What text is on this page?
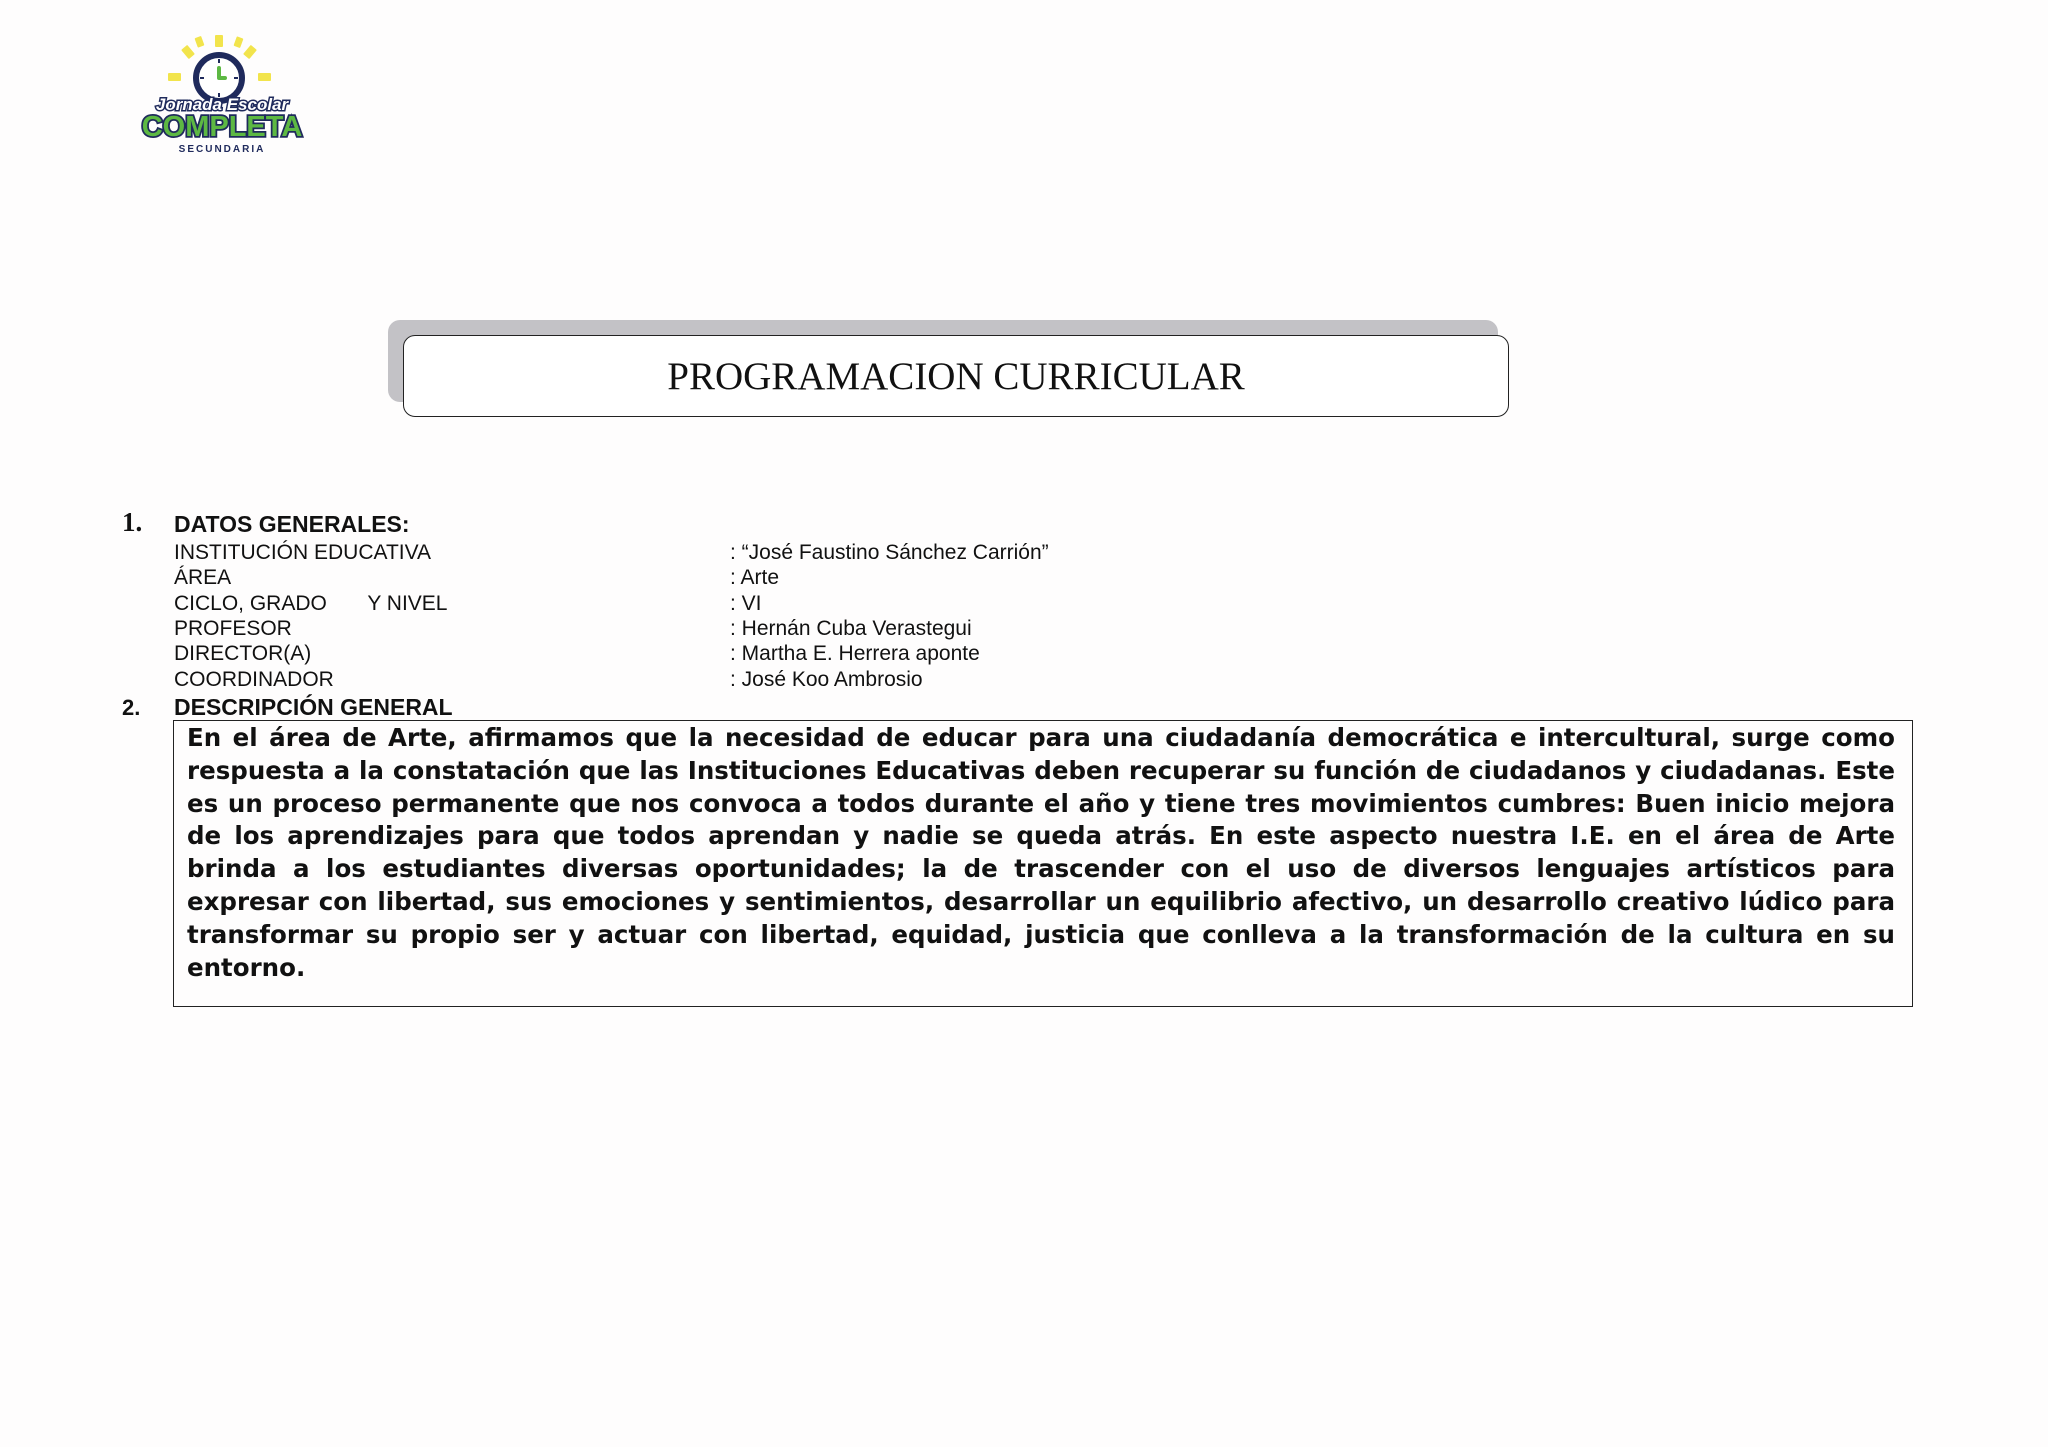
Jornada Escolar
COMPLETA
SECUNDARIA
PROGRAMACION CURRICULAR
1. DATOS GENERALES:
INSTITUCIÓN EDUCATIVA	: “José Faustino Sánchez Carrión”
ÁREA	: Arte
CICLO, GRADO       Y NIVEL	: VI
PROFESOR	: Hernán Cuba Verastegui
DIRECTOR(A)	: Martha E. Herrera aponte
COORDINADOR	: José Koo Ambrosio
2. DESCRIPCIÓN GENERAL

En el área de Arte, afirmamos que la necesidad de educar para una ciudadanía democrática e intercultural, surge como respuesta a la constatación que las Instituciones Educativas deben recuperar su función de ciudadanos y ciudadanas. Este es un proceso permanente que nos convoca a todos durante el año y tiene tres movimientos cumbres: Buen inicio mejora de los aprendizajes para que todos aprendan y nadie se queda atrás. En este aspecto nuestra I.E. en el área de Arte brinda a los estudiantes diversas oportunidades; la de trascender con el uso de diversos lenguajes artísticos para expresar con libertad, sus emociones y sentimientos, desarrollar un equilibrio afectivo, un desarrollo creativo lúdico para transformar su propio ser y actuar con libertad, equidad, justicia que conlleva a la transformación de la cultura en su entorno.
